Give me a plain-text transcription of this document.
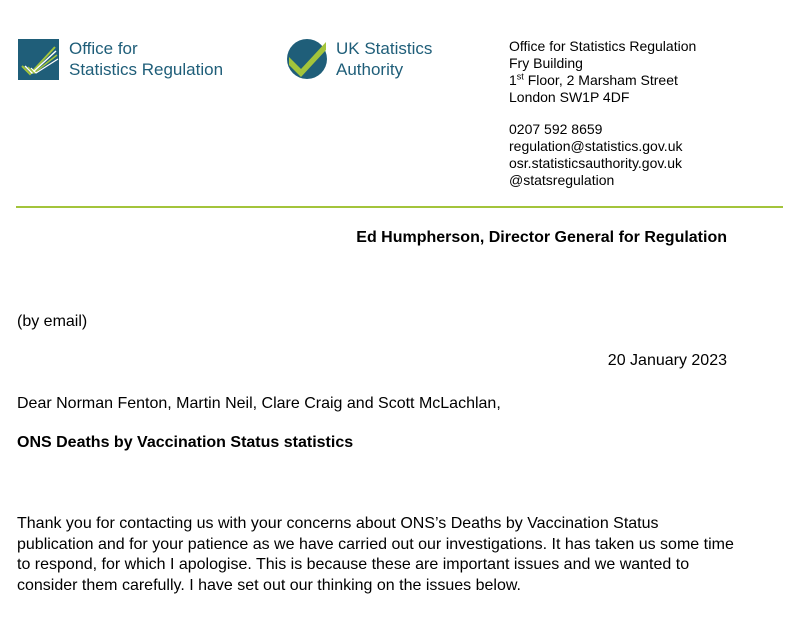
Office for
Statistics Regulation
UK Statistics
Authority
Office for Statistics Regulation
Fry Building
1st Floor, 2 Marsham Street
London SW1P 4DF
0207 592 8659
regulation@statistics.gov.uk
osr.statisticsauthority.gov.uk
@statsregulation
Ed Humpherson, Director General for Regulation
(by email)
20 January 2023
Dear Norman Fenton, Martin Neil, Clare Craig and Scott McLachlan,
ONS Deaths by Vaccination Status statistics
Thank you for contacting us with your concerns about ONS’s Deaths by Vaccination Status publication and for your patience as we have carried out our investigations. It has taken us some time to respond, for which I apologise. This is because these are important issues and we wanted to consider them carefully. I have set out our thinking on the issues below.
